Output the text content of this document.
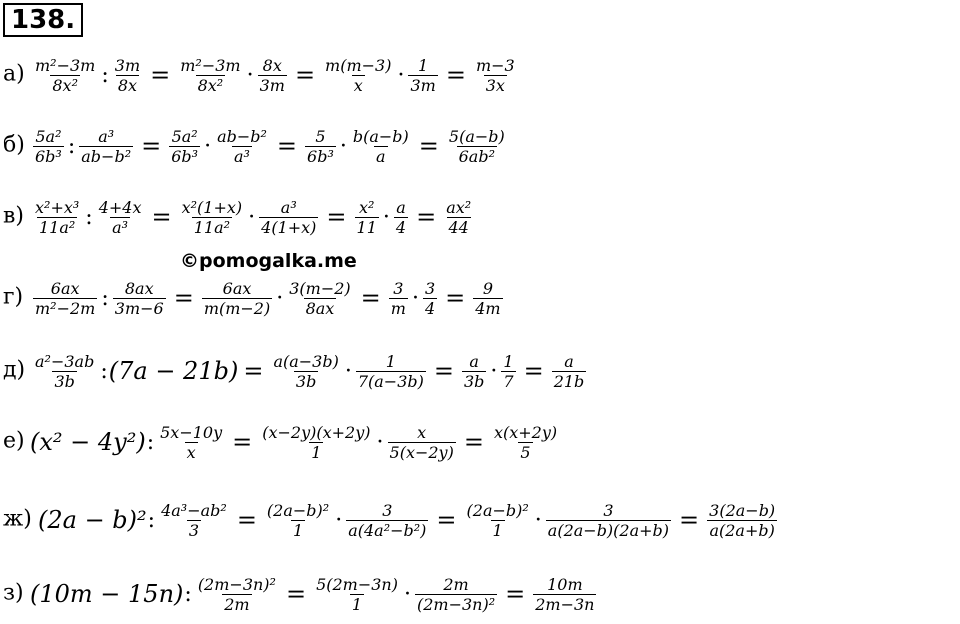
138.
©pomogalka.me
$а) \frac{\text{m²−3m}}{\text{8x²}}$ : $\frac{3m}{8x} = \frac{\text{m²−3m}}{\text{8x²}} \cdot \frac{8x}{3m} = \frac{m(m-3)}{x} \cdot \frac{1}{3m} = \frac{m-3}{3x}$
$б) \frac{\text{5a²}}{\text{6b³}}$ : $\frac{\text{a³}}{\text{ab−b²}} = \frac{\text{5a²}}{\text{6b³}} \cdot \frac{\text{ab−b²}}{\text{a³}} = \frac{5}{\text{6b³}} \cdot \frac{b(a-b)}{a} = \frac{5(a-b)}{\text{6ab²}}$
$в) \frac{\text{x²+x³}}{\text{11a²}}$ : $\frac{4+4x}{\text{a³}} = \frac{\text{x²(1+x)}}{\text{11a²}} \cdot \frac{\text{a³}}{4(1+x)} = \frac{\text{x²}}{11} \cdot \frac{a}{4} = \frac{\text{ax²}}{44}$
$г) \frac{6ax}{\text{m²−2m}}$ : $\frac{8ax}{3m-6} = \frac{6ax}{m(m-2)} \cdot \frac{3(m-2)}{8ax} = \frac{3}{m} \cdot \frac{3}{4} = \frac{9}{4m}$
$д) \frac{\text{a²−3ab}}{3b}$ : $(7a - 21b) = \frac{a(a-3b)}{3b} \cdot \frac{1}{7(a-3b)} = \frac{a}{3b} \cdot \frac{1}{7} = \frac{a}{21b}$
е) (x² − 4y²) : $\frac{5x-10y}{x} = \frac{(x-2y)(x+2y)}{1} \cdot \frac{x}{5(x-2y)} = \frac{x(x+2y)}{5}$
ж) (2a − b)² : $\frac{\text{4a³−ab²}}{3} = \frac{\text{(2a−b)²}}{1} \cdot \frac{3}{\text{a(4a²−b²)}} = \frac{\text{(2a−b)²}}{1} \cdot \frac{3}{a(2a-b)(2a+b)} = \frac{3(2a-b)}{a(2a+b)}$
з) (10m − 15n) : $\frac{\text{(2m−3n)²}}{2m} = \frac{5(2m-3n)}{1} \cdot \frac{2m}{\text{(2m−3n)²}} = \frac{10m}{2m-3n}$
